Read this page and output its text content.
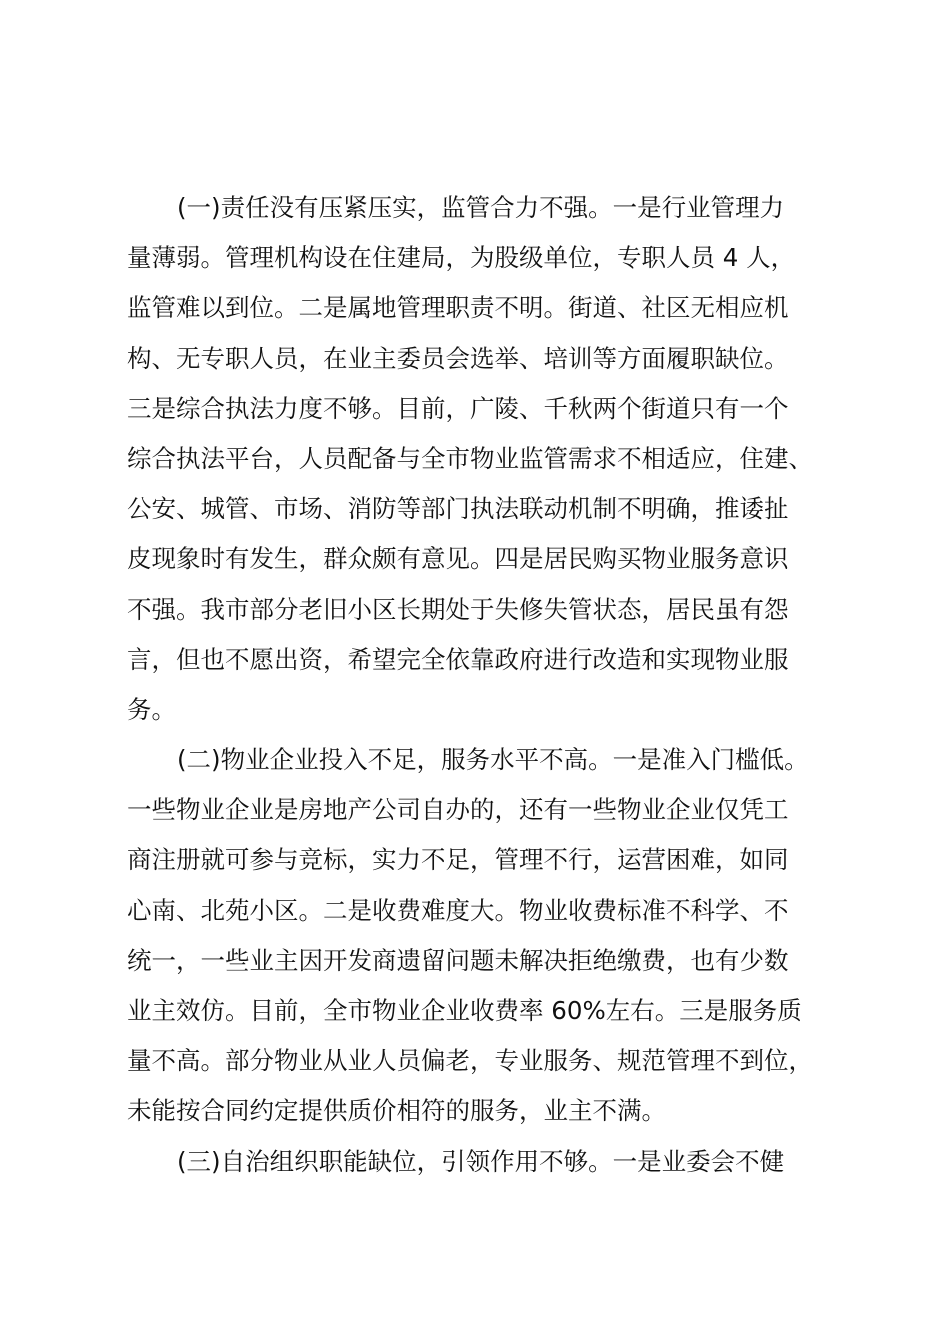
(一)责任没有压紧压实，监管合力不强。一是行业管理力
量薄弱。管理机构设在住建局，为股级单位，专职人员 4 人，
监管难以到位。二是属地管理职责不明。街道、社区无相应机
构、无专职人员，在业主委员会选举、培训等方面履职缺位。
三是综合执法力度不够。目前，广陵、千秋两个街道只有一个
综合执法平台，人员配备与全市物业监管需求不相适应，住建、
公安、城管、市场、消防等部门执法联动机制不明确，推诿扯
皮现象时有发生，群众颇有意见。四是居民购买物业服务意识
不强。我市部分老旧小区长期处于失修失管状态，居民虽有怨
言，但也不愿出资，希望完全依靠政府进行改造和实现物业服
务。
(二)物业企业投入不足，服务水平不高。一是准入门槛低。
一些物业企业是房地产公司自办的，还有一些物业企业仅凭工
商注册就可参与竞标，实力不足，管理不行，运营困难，如同
心南、北苑小区。二是收费难度大。物业收费标准不科学、不
统一，一些业主因开发商遗留问题未解决拒绝缴费，也有少数
业主效仿。目前，全市物业企业收费率 60%左右。三是服务质
量不高。部分物业从业人员偏老，专业服务、规范管理不到位，
未能按合同约定提供质价相符的服务，业主不满。
(三)自治组织职能缺位，引领作用不够。一是业委会不健
